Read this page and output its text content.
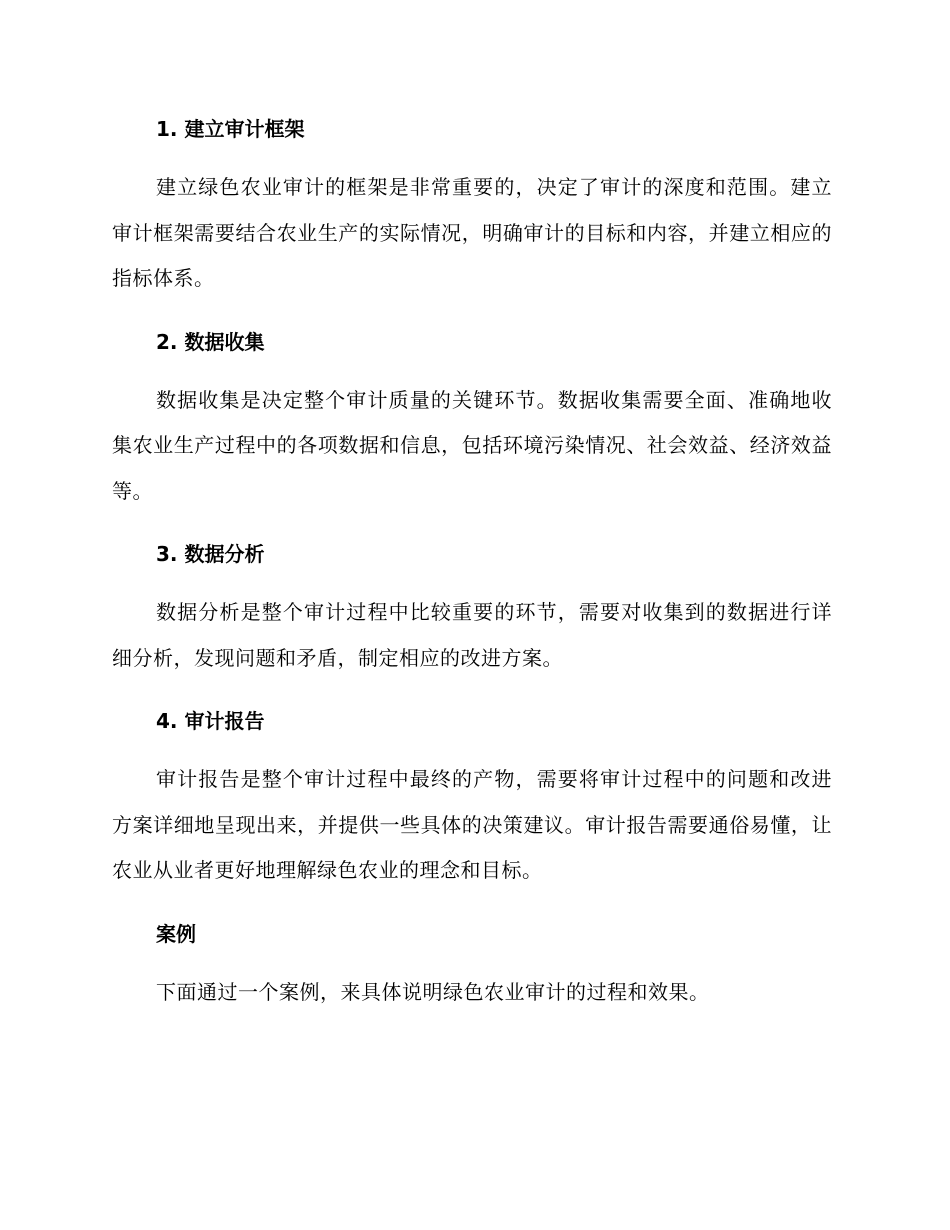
1. 建立审计框架

建立绿色农业审计的框架是非常重要的，决定了审计的深度和范围。建立审计框架需要结合农业生产的实际情况，明确审计的目标和内容，并建立相应的指标体系。

2. 数据收集

数据收集是决定整个审计质量的关键环节。数据收集需要全面、准确地收集农业生产过程中的各项数据和信息，包括环境污染情况、社会效益、经济效益等。

3. 数据分析

数据分析是整个审计过程中比较重要的环节，需要对收集到的数据进行详细分析，发现问题和矛盾，制定相应的改进方案。

4. 审计报告

审计报告是整个审计过程中最终的产物，需要将审计过程中的问题和改进方案详细地呈现出来，并提供一些具体的决策建议。审计报告需要通俗易懂，让农业从业者更好地理解绿色农业的理念和目标。

案例

下面通过一个案例，来具体说明绿色农业审计的过程和效果。
